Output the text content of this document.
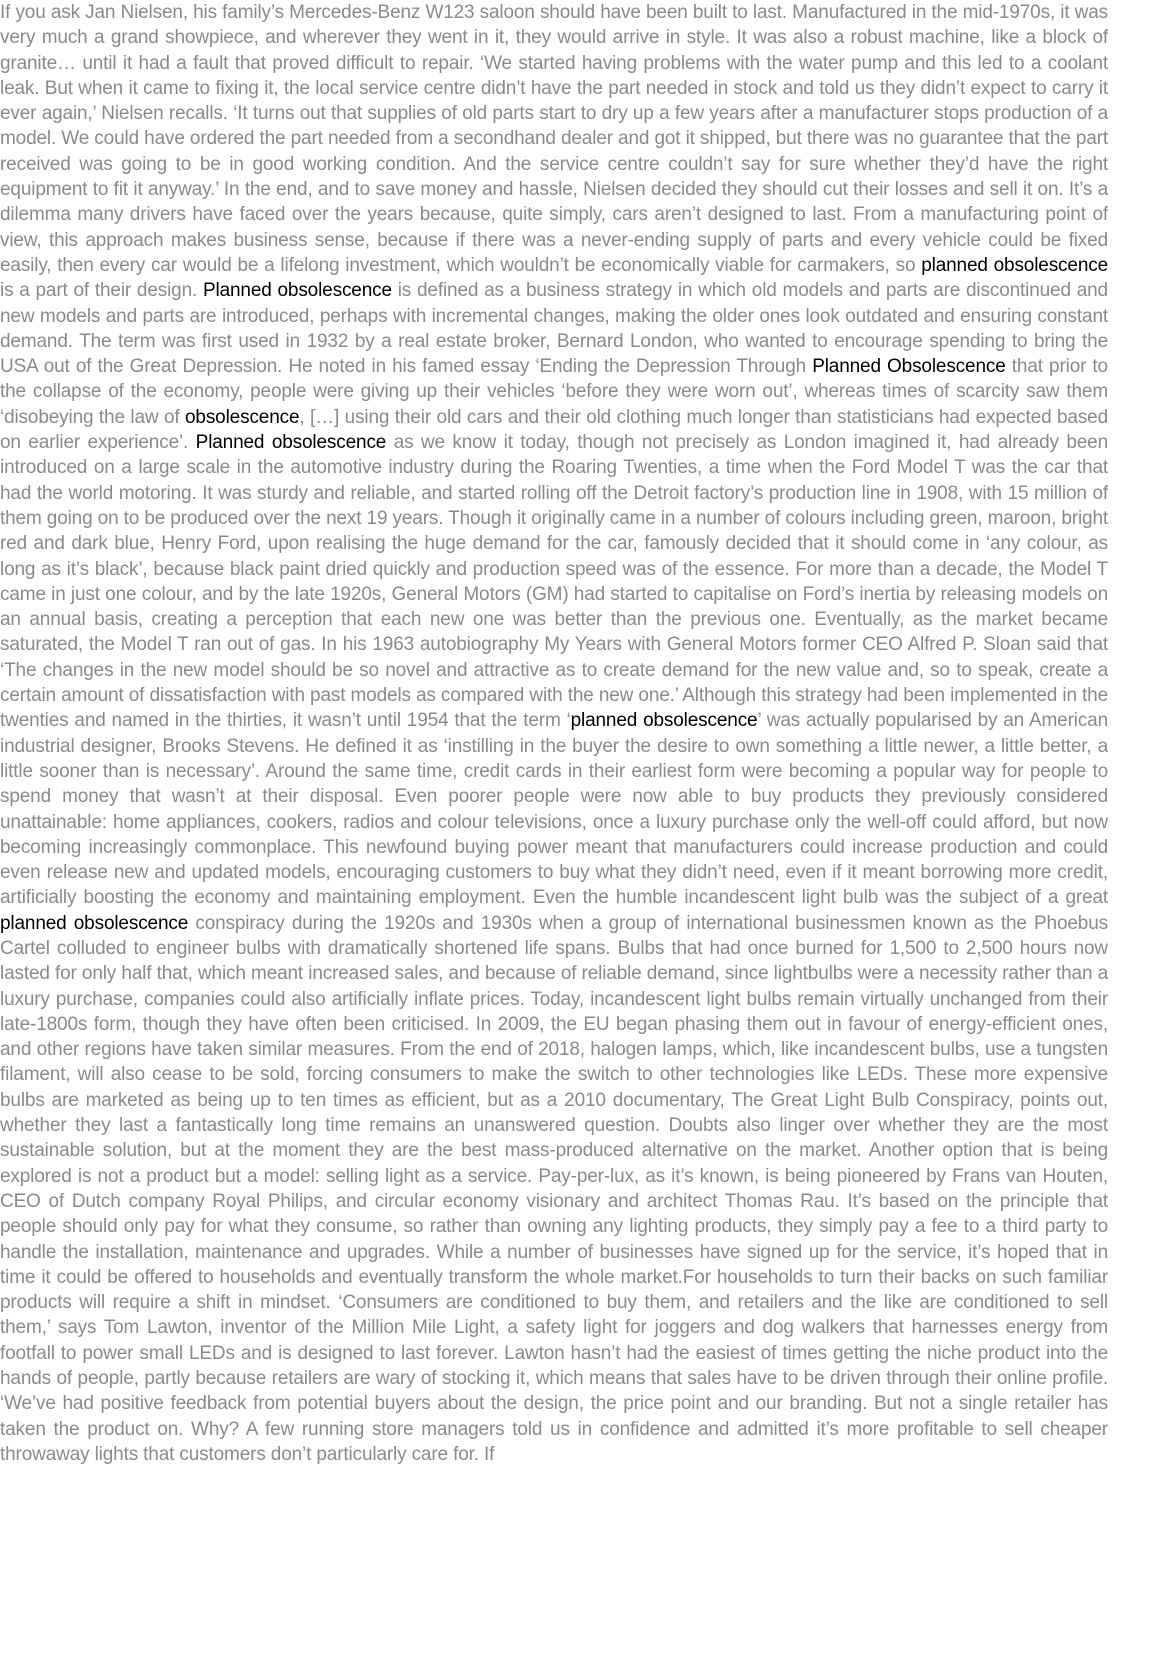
If you ask Jan Nielsen, his family’s Mercedes-Benz W123 saloon should have been built to last. Manufactured in the mid-1970s, it was very much a grand showpiece, and wherever they went in it, they would arrive in style. It was also a robust machine, like a block of granite… until it had a fault that proved difficult to repair. ‘We started having problems with the water pump and this led to a coolant leak. But when it came to fixing it, the local service centre didn’t have the part needed in stock and told us they didn’t expect to carry it ever again,’ Nielsen recalls. ‘It turns out that supplies of old parts start to dry up a few years after a manufacturer stops production of a model. We could have ordered the part needed from a secondhand dealer and got it shipped, but there was no guarantee that the part received was going to be in good working condition. And the service centre couldn’t say for sure whether they’d have the right equipment to fit it anyway.’ In the end, and to save money and hassle, Nielsen decided they should cut their losses and sell it on. It’s a dilemma many drivers have faced over the years because, quite simply, cars aren’t designed to last. From a manufacturing point of view, this approach makes business sense, because if there was a never-ending supply of parts and every vehicle could be fixed easily, then every car would be a lifelong investment, which wouldn’t be economically viable for carmakers, so planned obsolescence is a part of their design. Planned obsolescence is defined as a business strategy in which old models and parts are discontinued and new models and parts are introduced, perhaps with incremental changes, making the older ones look outdated and ensuring constant demand. The term was first used in 1932 by a real estate broker, Bernard London, who wanted to encourage spending to bring the USA out of the Great Depression. He noted in his famed essay ‘Ending the Depression Through Planned Obsolescence that prior to the collapse of the economy, people were giving up their vehicles ‘before they were worn out’, whereas times of scarcity saw them ‘disobeying the law of obsolescence, […] using their old cars and their old clothing much longer than statisticians had expected based on earlier experience’. Planned obsolescence as we know it today, though not precisely as London imagined it, had already been introduced on a large scale in the automotive industry during the Roaring Twenties, a time when the Ford Model T was the car that had the world motoring. It was sturdy and reliable, and started rolling off the Detroit factory’s production line in 1908, with 15 million of them going on to be produced over the next 19 years. Though it originally came in a number of colours including green, maroon, bright red and dark blue, Henry Ford, upon realising the huge demand for the car, famously decided that it should come in ‘any colour, as long as it’s black’, because black paint dried quickly and production speed was of the essence. For more than a decade, the Model T came in just one colour, and by the late 1920s, General Motors (GM) had started to capitalise on Ford’s inertia by releasing models on an annual basis, creating a perception that each new one was better than the previous one. Eventually, as the market became saturated, the Model T ran out of gas. In his 1963 autobiography My Years with General Motors former CEO Alfred P. Sloan said that ‘The changes in the new model should be so novel and attractive as to create demand for the new value and, so to speak, create a certain amount of dissatisfaction with past models as compared with the new one.’ Although this strategy had been implemented in the twenties and named in the thirties, it wasn’t until 1954 that the term ‘planned obsolescence’ was actually popularised by an American industrial designer, Brooks Stevens. He defined it as ‘instilling in the buyer the desire to own something a little newer, a little better, a little sooner than is necessary’. Around the same time, credit cards in their earliest form were becoming a popular way for people to spend money that wasn’t at their disposal. Even poorer people were now able to buy products they previously considered unattainable: home appliances, cookers, radios and colour televisions, once a luxury purchase only the well-off could afford, but now becoming increasingly commonplace. This newfound buying power meant that manufacturers could increase production and could even release new and updated models, encouraging customers to buy what they didn’t need, even if it meant borrowing more credit, artificially boosting the economy and maintaining employment. Even the humble incandescent light bulb was the subject of a great planned obsolescence conspiracy during the 1920s and 1930s when a group of international businessmen known as the Phoebus Cartel colluded to engineer bulbs with dramatically shortened life spans. Bulbs that had once burned for 1,500 to 2,500 hours now lasted for only half that, which meant increased sales, and because of reliable demand, since lightbulbs were a necessity rather than a luxury purchase, companies could also artificially inflate prices. Today, incandescent light bulbs remain virtually unchanged from their late-1800s form, though they have often been criticised. In 2009, the EU began phasing them out in favour of energy-efficient ones, and other regions have taken similar measures. From the end of 2018, halogen lamps, which, like incandescent bulbs, use a tungsten filament, will also cease to be sold, forcing consumers to make the switch to other technologies like LEDs. These more expensive bulbs are marketed as being up to ten times as efficient, but as a 2010 documentary, The Great Light Bulb Conspiracy, points out, whether they last a fantastically long time remains an unanswered question. Doubts also linger over whether they are the most sustainable solution, but at the moment they are the best mass-produced alternative on the market. Another option that is being explored is not a product but a model: selling light as a service. Pay-per-lux, as it’s known, is being pioneered by Frans van Houten, CEO of Dutch company Royal Philips, and circular economy visionary and architect Thomas Rau. It’s based on the principle that people should only pay for what they consume, so rather than owning any lighting products, they simply pay a fee to a third party to handle the installation, maintenance and upgrades. While a number of businesses have signed up for the service, it’s hoped that in time it could be offered to households and eventually transform the whole market.For households to turn their backs on such familiar products will require a shift in mindset. ‘Consumers are conditioned to buy them, and retailers and the like are conditioned to sell them,’ says Tom Lawton, inventor of the Million Mile Light, a safety light for joggers and dog walkers that harnesses energy from footfall to power small LEDs and is designed to last forever. Lawton hasn’t had the easiest of times getting the niche product into the hands of people, partly because retailers are wary of stocking it, which means that sales have to be driven through their online profile. ‘We’ve had positive feedback from potential buyers about the design, the price point and our branding. But not a single retailer has taken the product on. Why? A few running store managers told us in confidence and admitted it’s more profitable to sell cheaper throwaway lights that customers don’t particularly care for. If
